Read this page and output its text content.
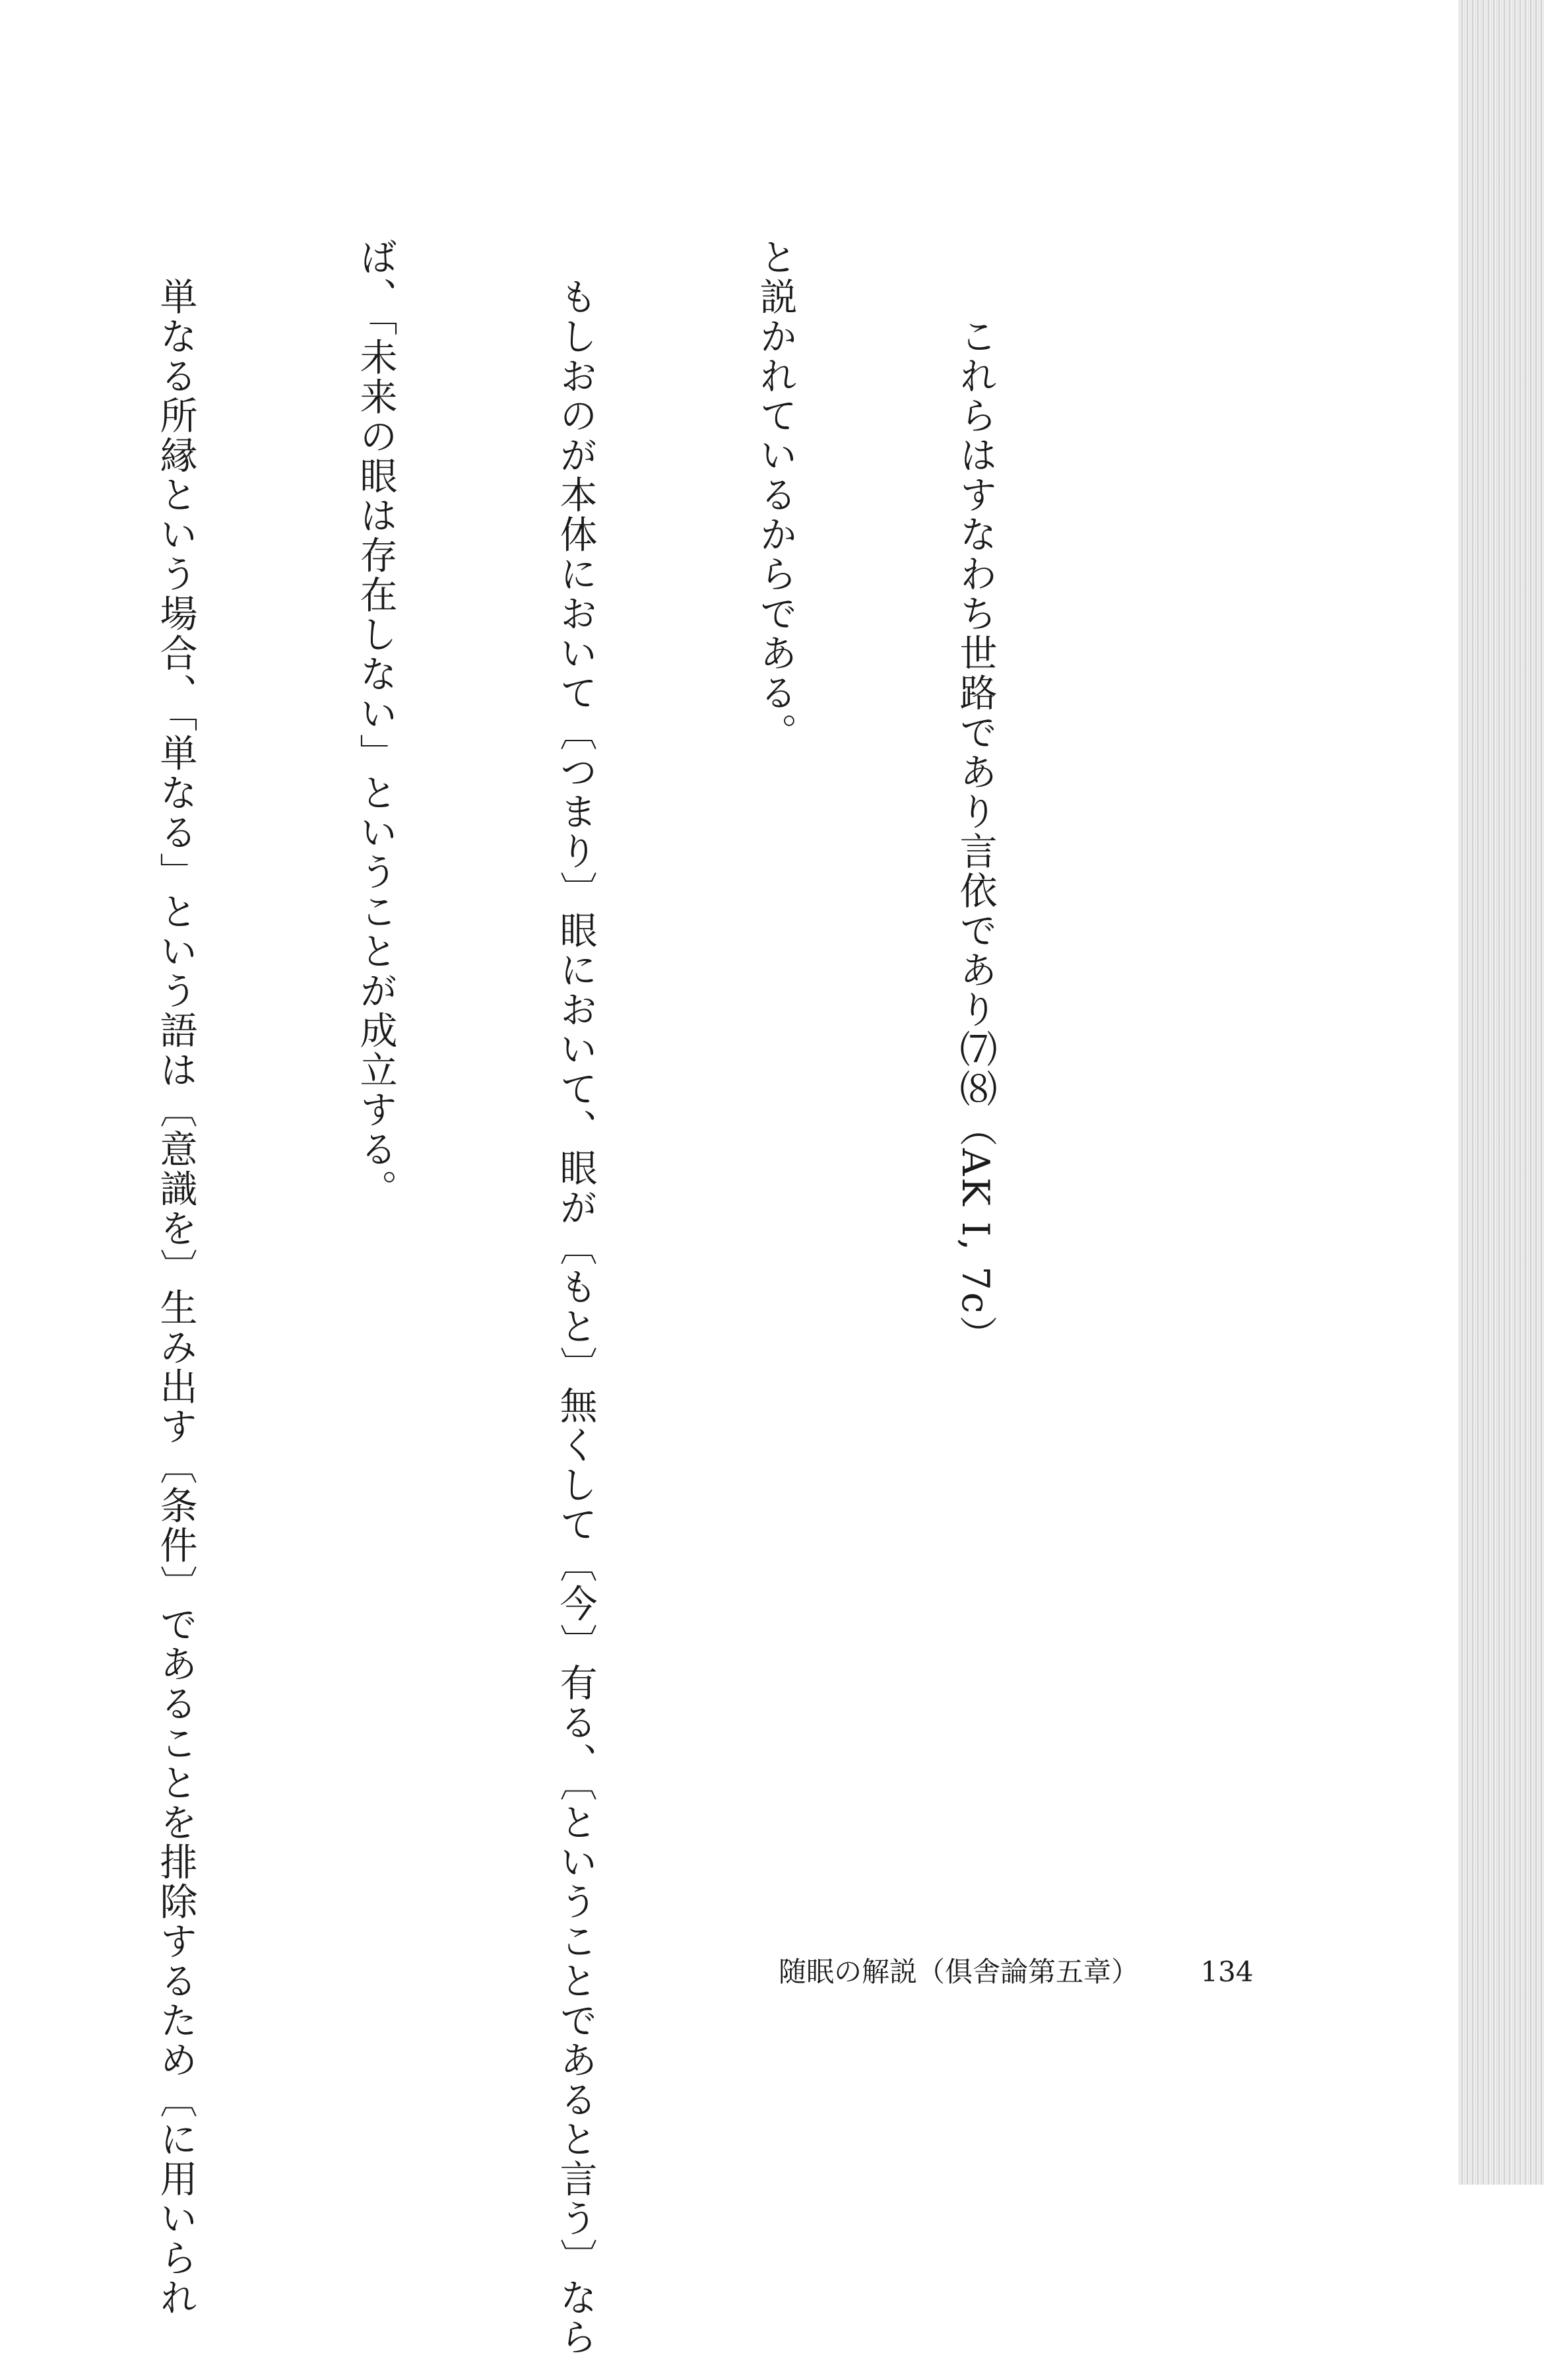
　　これらはすなわち世路であり言依であり⑺⑻（AK I, 7c）

と説かれているからである。

　もしおのが本体において〔つまり〕眼において、眼が〔もと〕無くして〔今〕有る、〔ということであると言う〕なら

ば、「未来の眼は存在しない」ということが成立する。

　単なる所縁という場合、「単なる」という語は〔意識を〕生み出す〔条件〕であることを排除するため〔に用いられ

	随眠の解説（俱舎論第五章） 134
